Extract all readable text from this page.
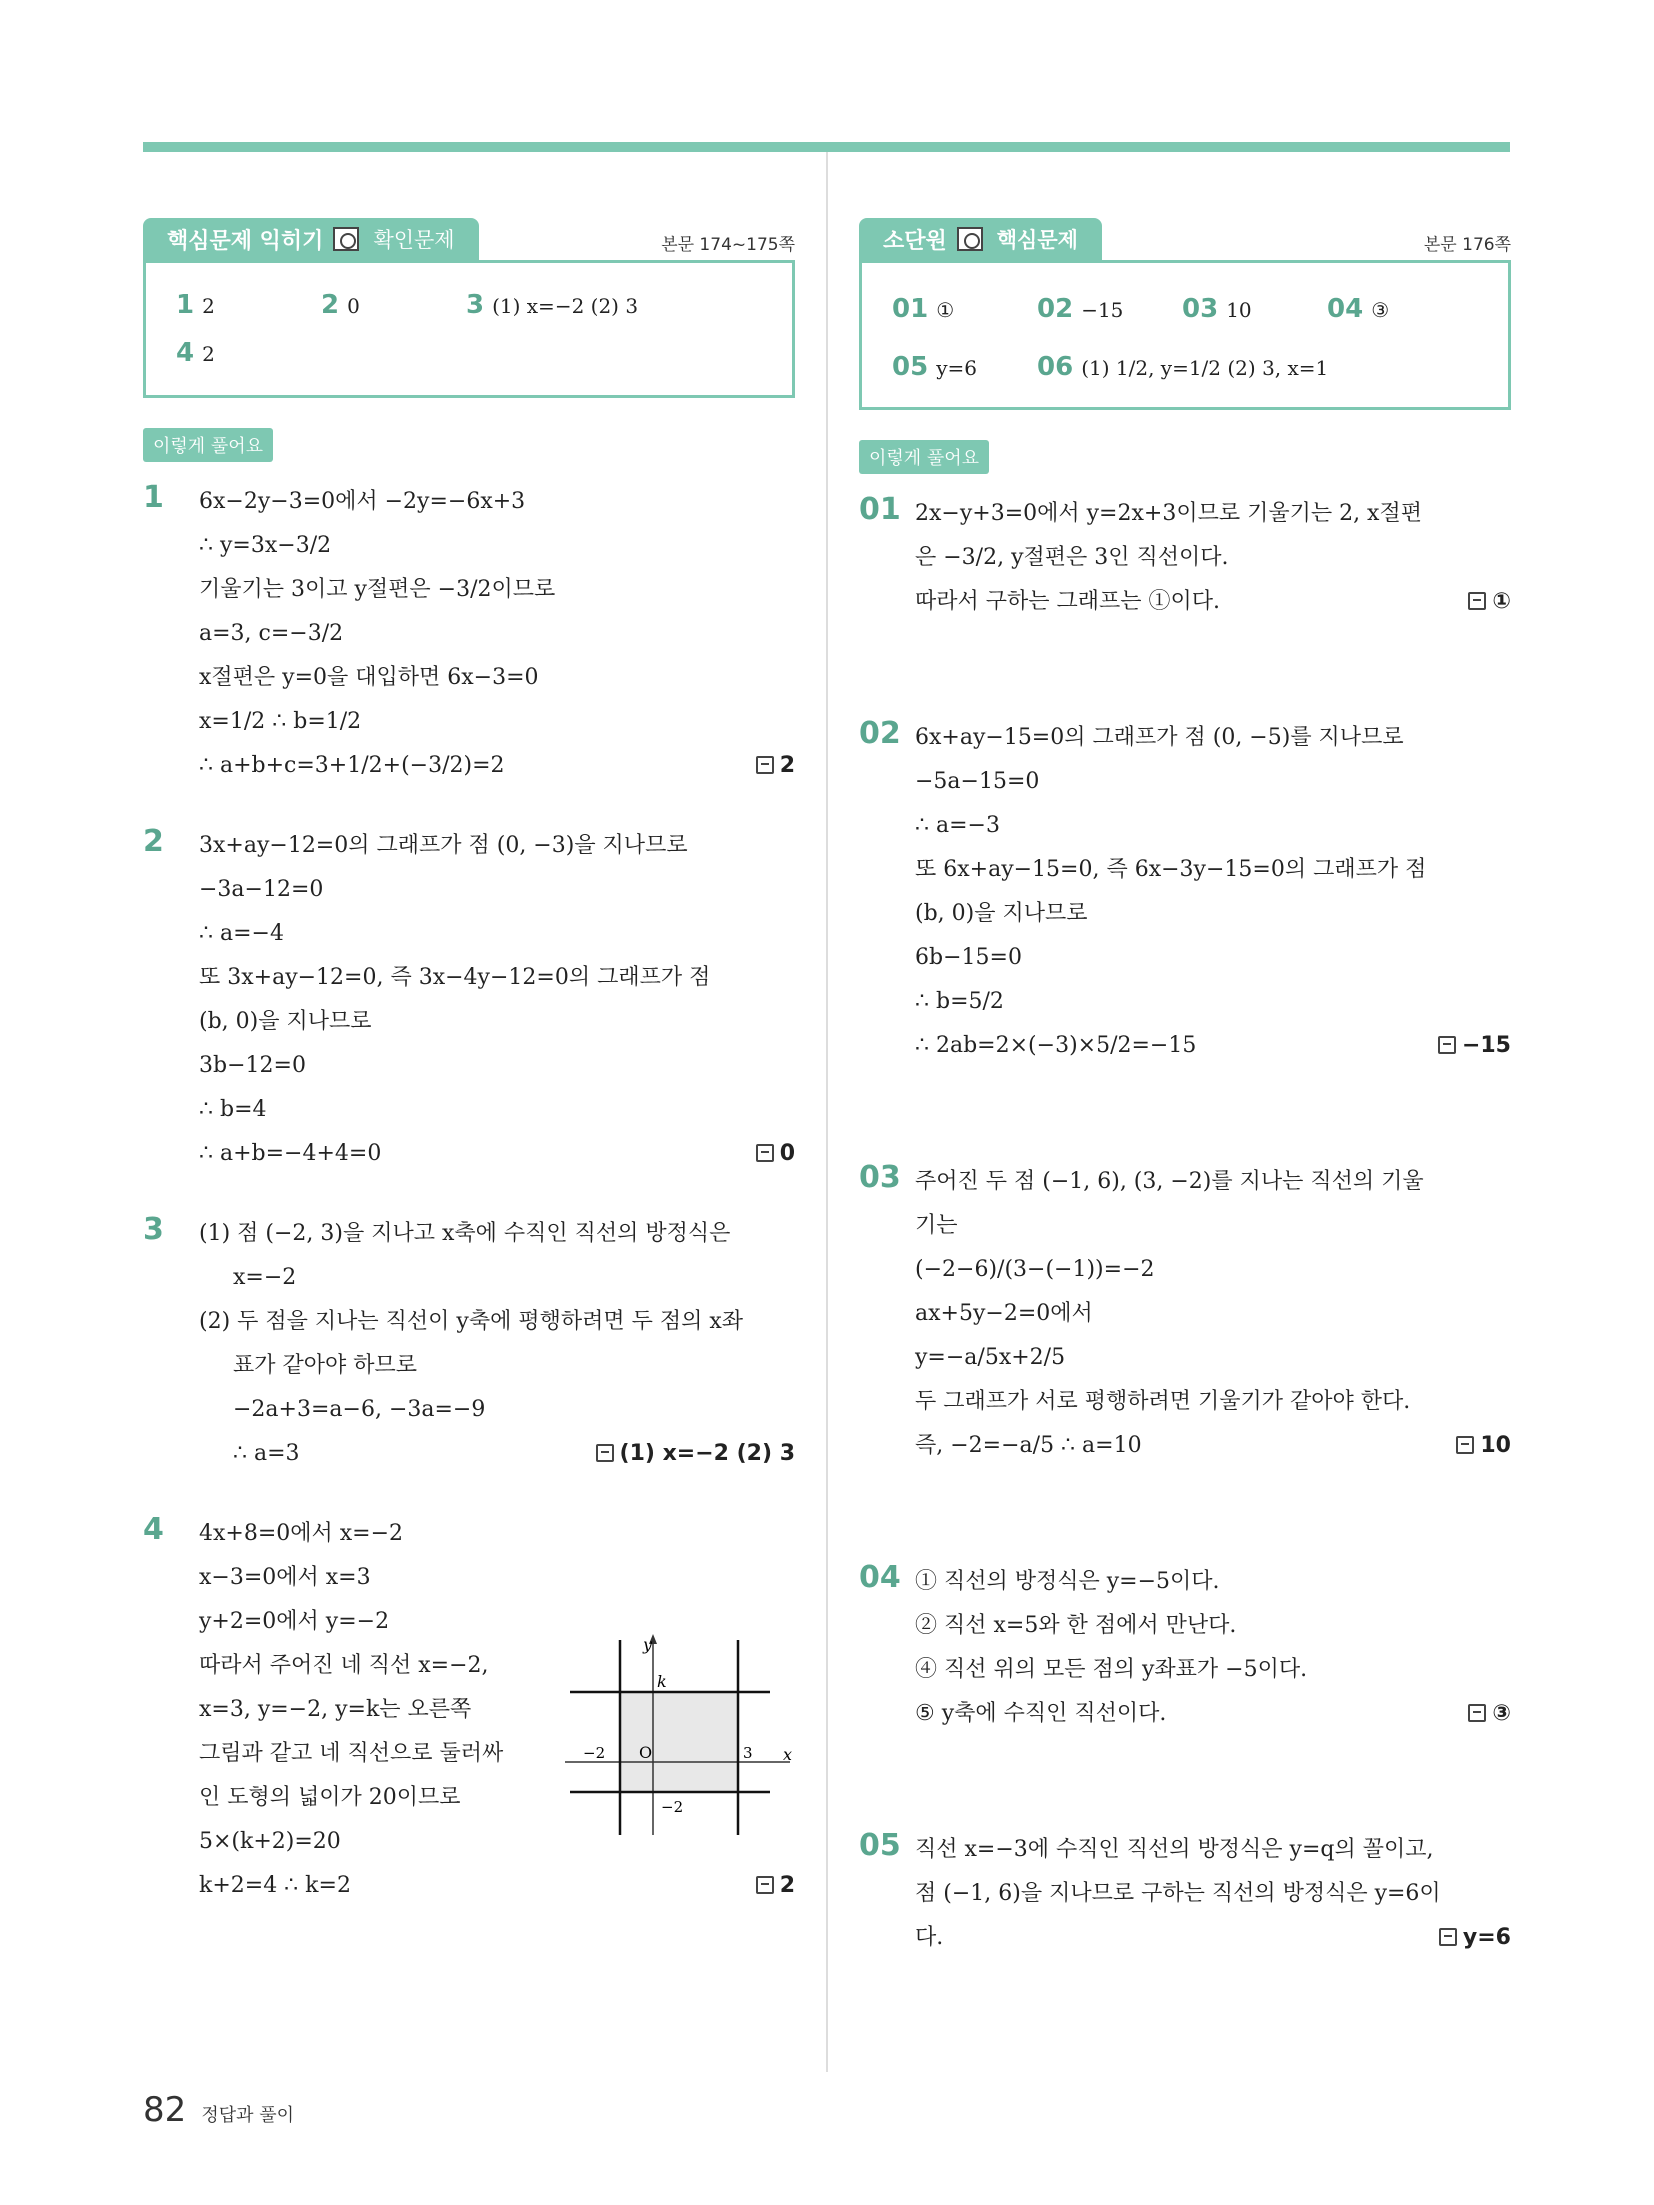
핵심문제 익히기 확인문제	본문 174~175쪽
1 2	2 0	3 (1) x=−2 (2) 3
4 2
이렇게 풀어요
1	6x−2y−3=0에서 −2y=−6x+3
∴ y=3x−3/2
기울기는 3이고 y절편은 −3/2이므로
a=3, c=−3/2
x절편은 y=0을 대입하면 6x−3=0
x=1/2 ∴ b=1/2
∴ a+b+c=3+1/2+(−3/2)=2	2
2	3x+ay−12=0의 그래프가 점 (0, −3)을 지나므로
−3a−12=0
∴ a=−4
또 3x+ay−12=0, 즉 3x−4y−12=0의 그래프가 점
(b, 0)을 지나므로
3b−12=0
∴ b=4
∴ a+b=−4+4=0	0
3	(1) 점 (−2, 3)을 지나고 x축에 수직인 직선의 방정식은
x=−2
(2) 두 점을 지나는 직선이 y축에 평행하려면 두 점의 x좌
표가 같아야 하므로
−2a+3=a−6, −3a=−9
∴ a=3	(1) x=−2 (2) 3
4	4x+8=0에서 x=−2
x−3=0에서 x=3
y+2=0에서 y=−2
따라서 주어진 네 직선 x=−2,
x=3, y=−2, y=k는 오른쪽
그림과 같고 네 직선으로 둘러싸
인 도형의 넓이가 20이므로
5×(k+2)=20
k+2=4 ∴ k=2	2
y
x
k
O
−2	3
−2
소단원 핵심문제	본문 176쪽
01 ①	02 −15	03 10	04 ③
05 y=6	06 (1) 1/2, y=1/2 (2) 3, x=1
이렇게 풀어요
01 2x−y+3=0에서 y=2x+3이므로 기울기는 2, x절편
은 −3/2, y절편은 3인 직선이다.
따라서 구하는 그래프는 ①이다.	①
02 6x+ay−15=0의 그래프가 점 (0, −5)를 지나므로
−5a−15=0
∴ a=−3
또 6x+ay−15=0, 즉 6x−3y−15=0의 그래프가 점
(b, 0)을 지나므로
6b−15=0
∴ b=5/2
∴ 2ab=2×(−3)×5/2=−15	−15
03 주어진 두 점 (−1, 6), (3, −2)를 지나는 직선의 기울
기는
(−2−6)/(3−(−1))=−2
ax+5y−2=0에서
y=−a/5x+2/5
두 그래프가 서로 평행하려면 기울기가 같아야 한다.
즉, −2=−a/5 ∴ a=10	10
04 ① 직선의 방정식은 y=−5이다.
② 직선 x=5와 한 점에서 만난다.
④ 직선 위의 모든 점의 y좌표가 −5이다.
⑤ y축에 수직인 직선이다.	③
05 직선 x=−3에 수직인 직선의 방정식은 y=q의 꼴이고,
점 (−1, 6)을 지나므로 구하는 직선의 방정식은 y=6이
다.	y=6
82 정답과 풀이
